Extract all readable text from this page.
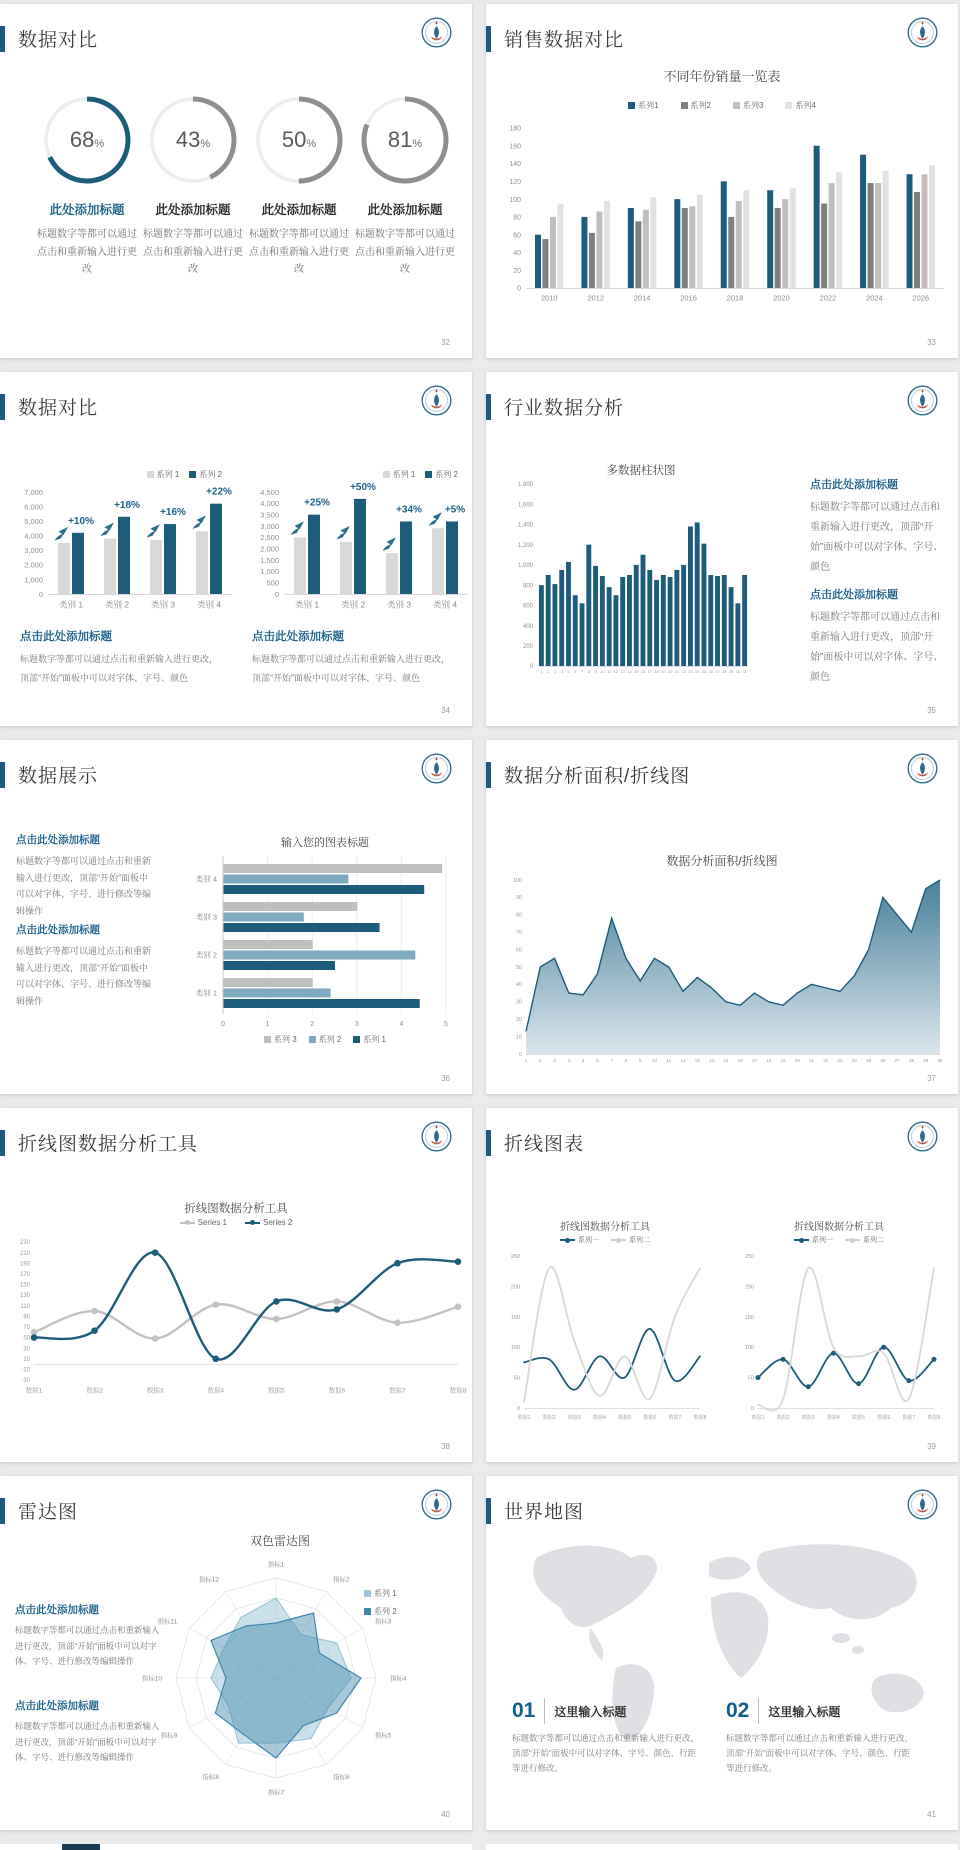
数据对比
68 %
此处添加标题
标题数字等都可以通过点击和重新输入进行更改
43 %
此处添加标题
标题数字等都可以通过点击和重新输入进行更改
50 %
此处添加标题
标题数字等都可以通过点击和重新输入进行更改
81 %
此处添加标题
标题数字等都可以通过点击和重新输入进行更改
32
销售数据对比
不同年份销量一览表
系列1	系列2	系列3	系列4
0
20
40
60
80
100
120
140
160
180
2010	2012	2014	2016	2018	2020	2022	2024	2026
33
数据对比
系列 1	系列 2
0
1,000
2,000
3,000
4,000
5,000
6,000
7,000
类别 1
+10%
类别 2
+18%
类别 3
+16%
类别 4
+22%
系列 1	系列 2
0
500
1,000
1,500
2,000
2,500
3,000
3,500
4,000
4,500
类别 1
+25%
类别 2
+50%
类别 3
+34%
类别 4
+5%
点击此处添加标题

标题数字等都可以通过点击和重新输入进行更改，顶部“开始”面板中可以对字体、字号、颜色

点击此处添加标题

标题数字等都可以通过点击和重新输入进行更改，顶部“开始”面板中可以对字体、字号、颜色

34
行业数据分析
多数据柱状图
0
200
400
600
800
1,000
1,200
1,400
1,600
1,800
1 2 3 4 5 6 7 8 9 10 11 12 13 14 15 16 17 18 19 20 21 22 23 24 25 26 27 28 29 30 31
点击此处添加标题

标题数字等都可以通过点击和重新输入进行更改，顶部“开始”面板中可以对字体、字号、颜色

点击此处添加标题

标题数字等都可以通过点击和重新输入进行更改，顶部“开始”面板中可以对字体、字号、颜色

35
数据展示
点击此处添加标题

标题数字等都可以通过点击和重新输入进行更改，顶部“开始”面板中可以对字体、字号、进行修改等编辑操作

点击此处添加标题

标题数字等都可以通过点击和重新输入进行更改，顶部“开始”面板中可以对字体、字号、进行修改等编辑操作

输入您的图表标题
0	1	2	3	4	5
类别 4
类别 3
类别 2
类别 1
系列 3	系列 2	系列 1
36
数据分析面积/折线图
数据分析面积/折线图
0
10
20
30
40
50
60
70
80
90
100
1	2	3	4	5	6	7	8	9 10 11 12 13 14 15 16 17 18 19 20 21 22 23 24 25 26 27 28 29 30
37
折线图数据分析工具
折线图数据分析工具
Series 1	Series 2
-30
-10
10
30
50
70
90
110
130
150
170
190
210
230
数据1	数据2	数据3	数据4	数据5	数据6	数据7	数据8
38
折线图表
折线图数据分析工具
系列一	系列二
0
50
100
150
200
250
数据1 数据2 数据3 数据4 数据5 数据6 数据7 数据8
折线图数据分析工具
系列一	系列二
0
50
100
150
200
250
数据1 数据2 数据3 数据4 数据5 数据6 数据7 数据8
39
雷达图
点击此处添加标题

标题数字等都可以通过点击和重新输入进行更改，顶部“开始”面板中可以对字体、字号、进行修改等编辑操作

点击此处添加标题

标题数字等都可以通过点击和重新输入进行更改，顶部“开始”面板中可以对字体、字号、进行修改等编辑操作

双色雷达图
指标1
指标2
指标3
指标4
指标5
指标6
指标7
指标8
指标9
指标10
指标11
指标12
系列 1
系列 2
40
世界地图
01 这里输入标题

标题数字等都可以通过点击和重新输入进行更改，顶部“开始”面板中可以对字体、字号、颜色、行距等进行修改。

02 这里输入标题

标题数字等都可以通过点击和重新输入进行更改，顶部“开始”面板中可以对字体、字号、颜色、行距等进行修改。

41
